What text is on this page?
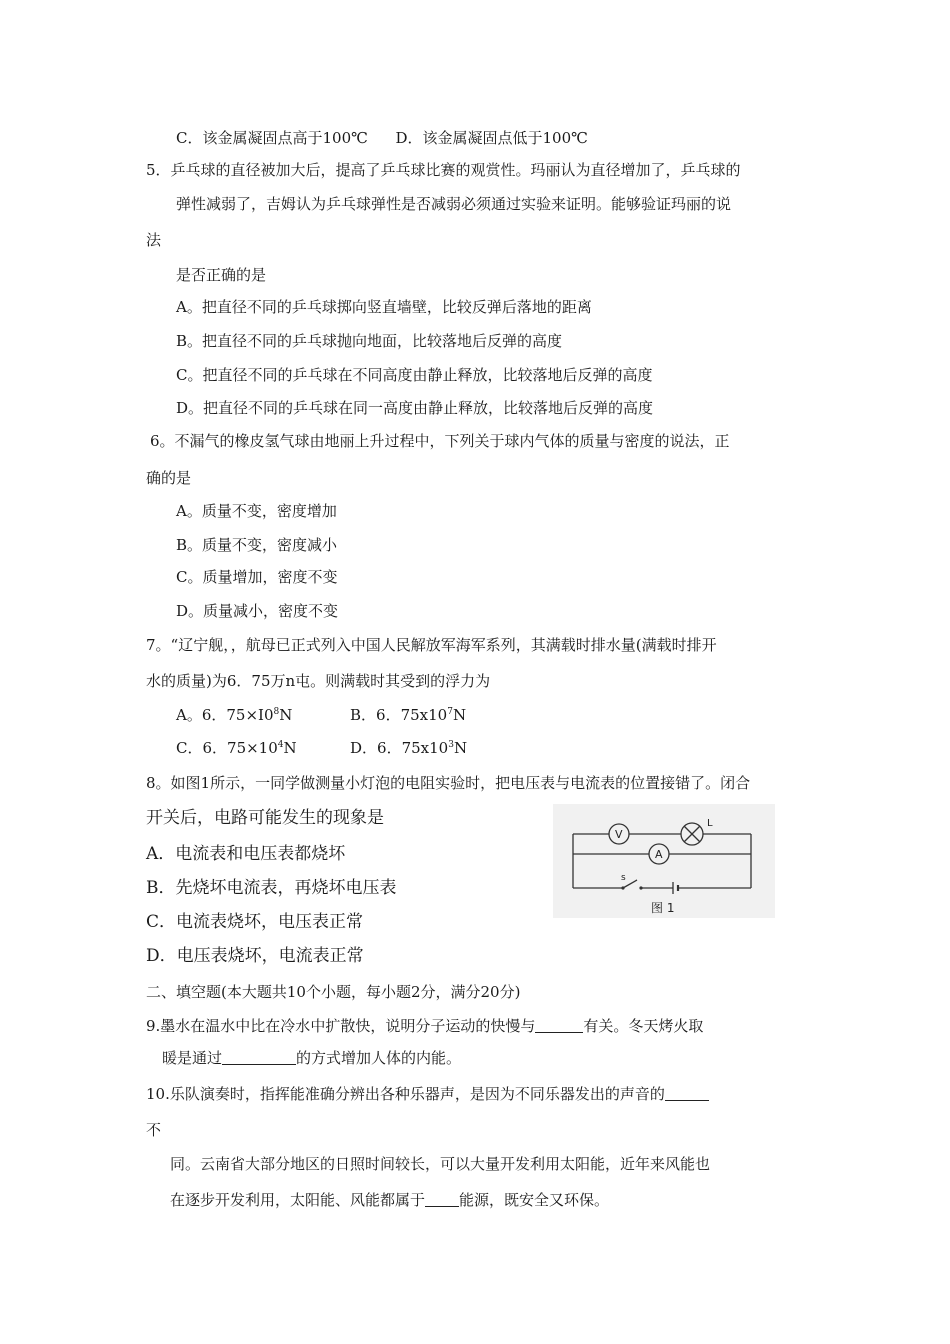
C．该金属凝固点高于100℃ D．该金属凝固点低于100℃
5．乒乓球的直径被加大后，提高了乒乓球比赛的观赏性。玛丽认为直径增加了，乒乓球的
弹性减弱了，吉姆认为乒乓球弹性是否减弱必须通过实验来证明。能够验证玛丽的说
法
是否正确的是
A。把直径不同的乒乓球掷向竖直墙壁，比较反弹后落地的距离
B。把直径不同的乒乓球抛向地面，比较落地后反弹的高度
C。把直径不同的乒乓球在不同高度由静止释放，比较落地后反弹的高度
D。把直径不同的乒乓球在同一高度由静止释放，比较落地后反弹的高度
6。不漏气的橡皮氢气球由地丽上升过程中，下列关于球内气体的质量与密度的说法，正
确的是
A。质量不变，密度增加
B。质量不变，密度减小
C。质量增加，密度不变
D。质量减小，密度不变
7。“辽宁舰，，航母已正式列入中国人民解放军海军系列，其满载时排水量(满载时排开
水的质量)为6．75万n屯。则满载时其受到的浮力为
A。6．$75\times I0^8N$	B．6．$75x10^7N$
C．6．$75\times 10^4N$	D．6．$75x10^3N$
8。如图1所示，一同学做测量小灯泡的电阻实验时，把电压表与电流表的位置接错了。闭合
开关后，电路可能发生的现象是
A．电流表和电压表都烧坏
B．先烧坏电流表，再烧坏电压表
C．电流表烧坏，电压表正常
D．电压表烧坏，电流表正常
V
A
L
s
图 1
二、填空题(本大题共10个小题，每小题2分，满分20分)
9.墨水在温水中比在冷水中扩散快，说明分子运动的快慢与	有关。冬天烤火取
暖是通过	的方式增加人体的内能。
10.乐队演奏时，指挥能准确分辨出各种乐器声，是因为不同乐器发出的声音的
不
同。云南省大部分地区的日照时间较长，可以大量开发利用太阳能，近年来风能也
在逐步开发利用，太阳能、风能都属于 能源，既安全又环保。
